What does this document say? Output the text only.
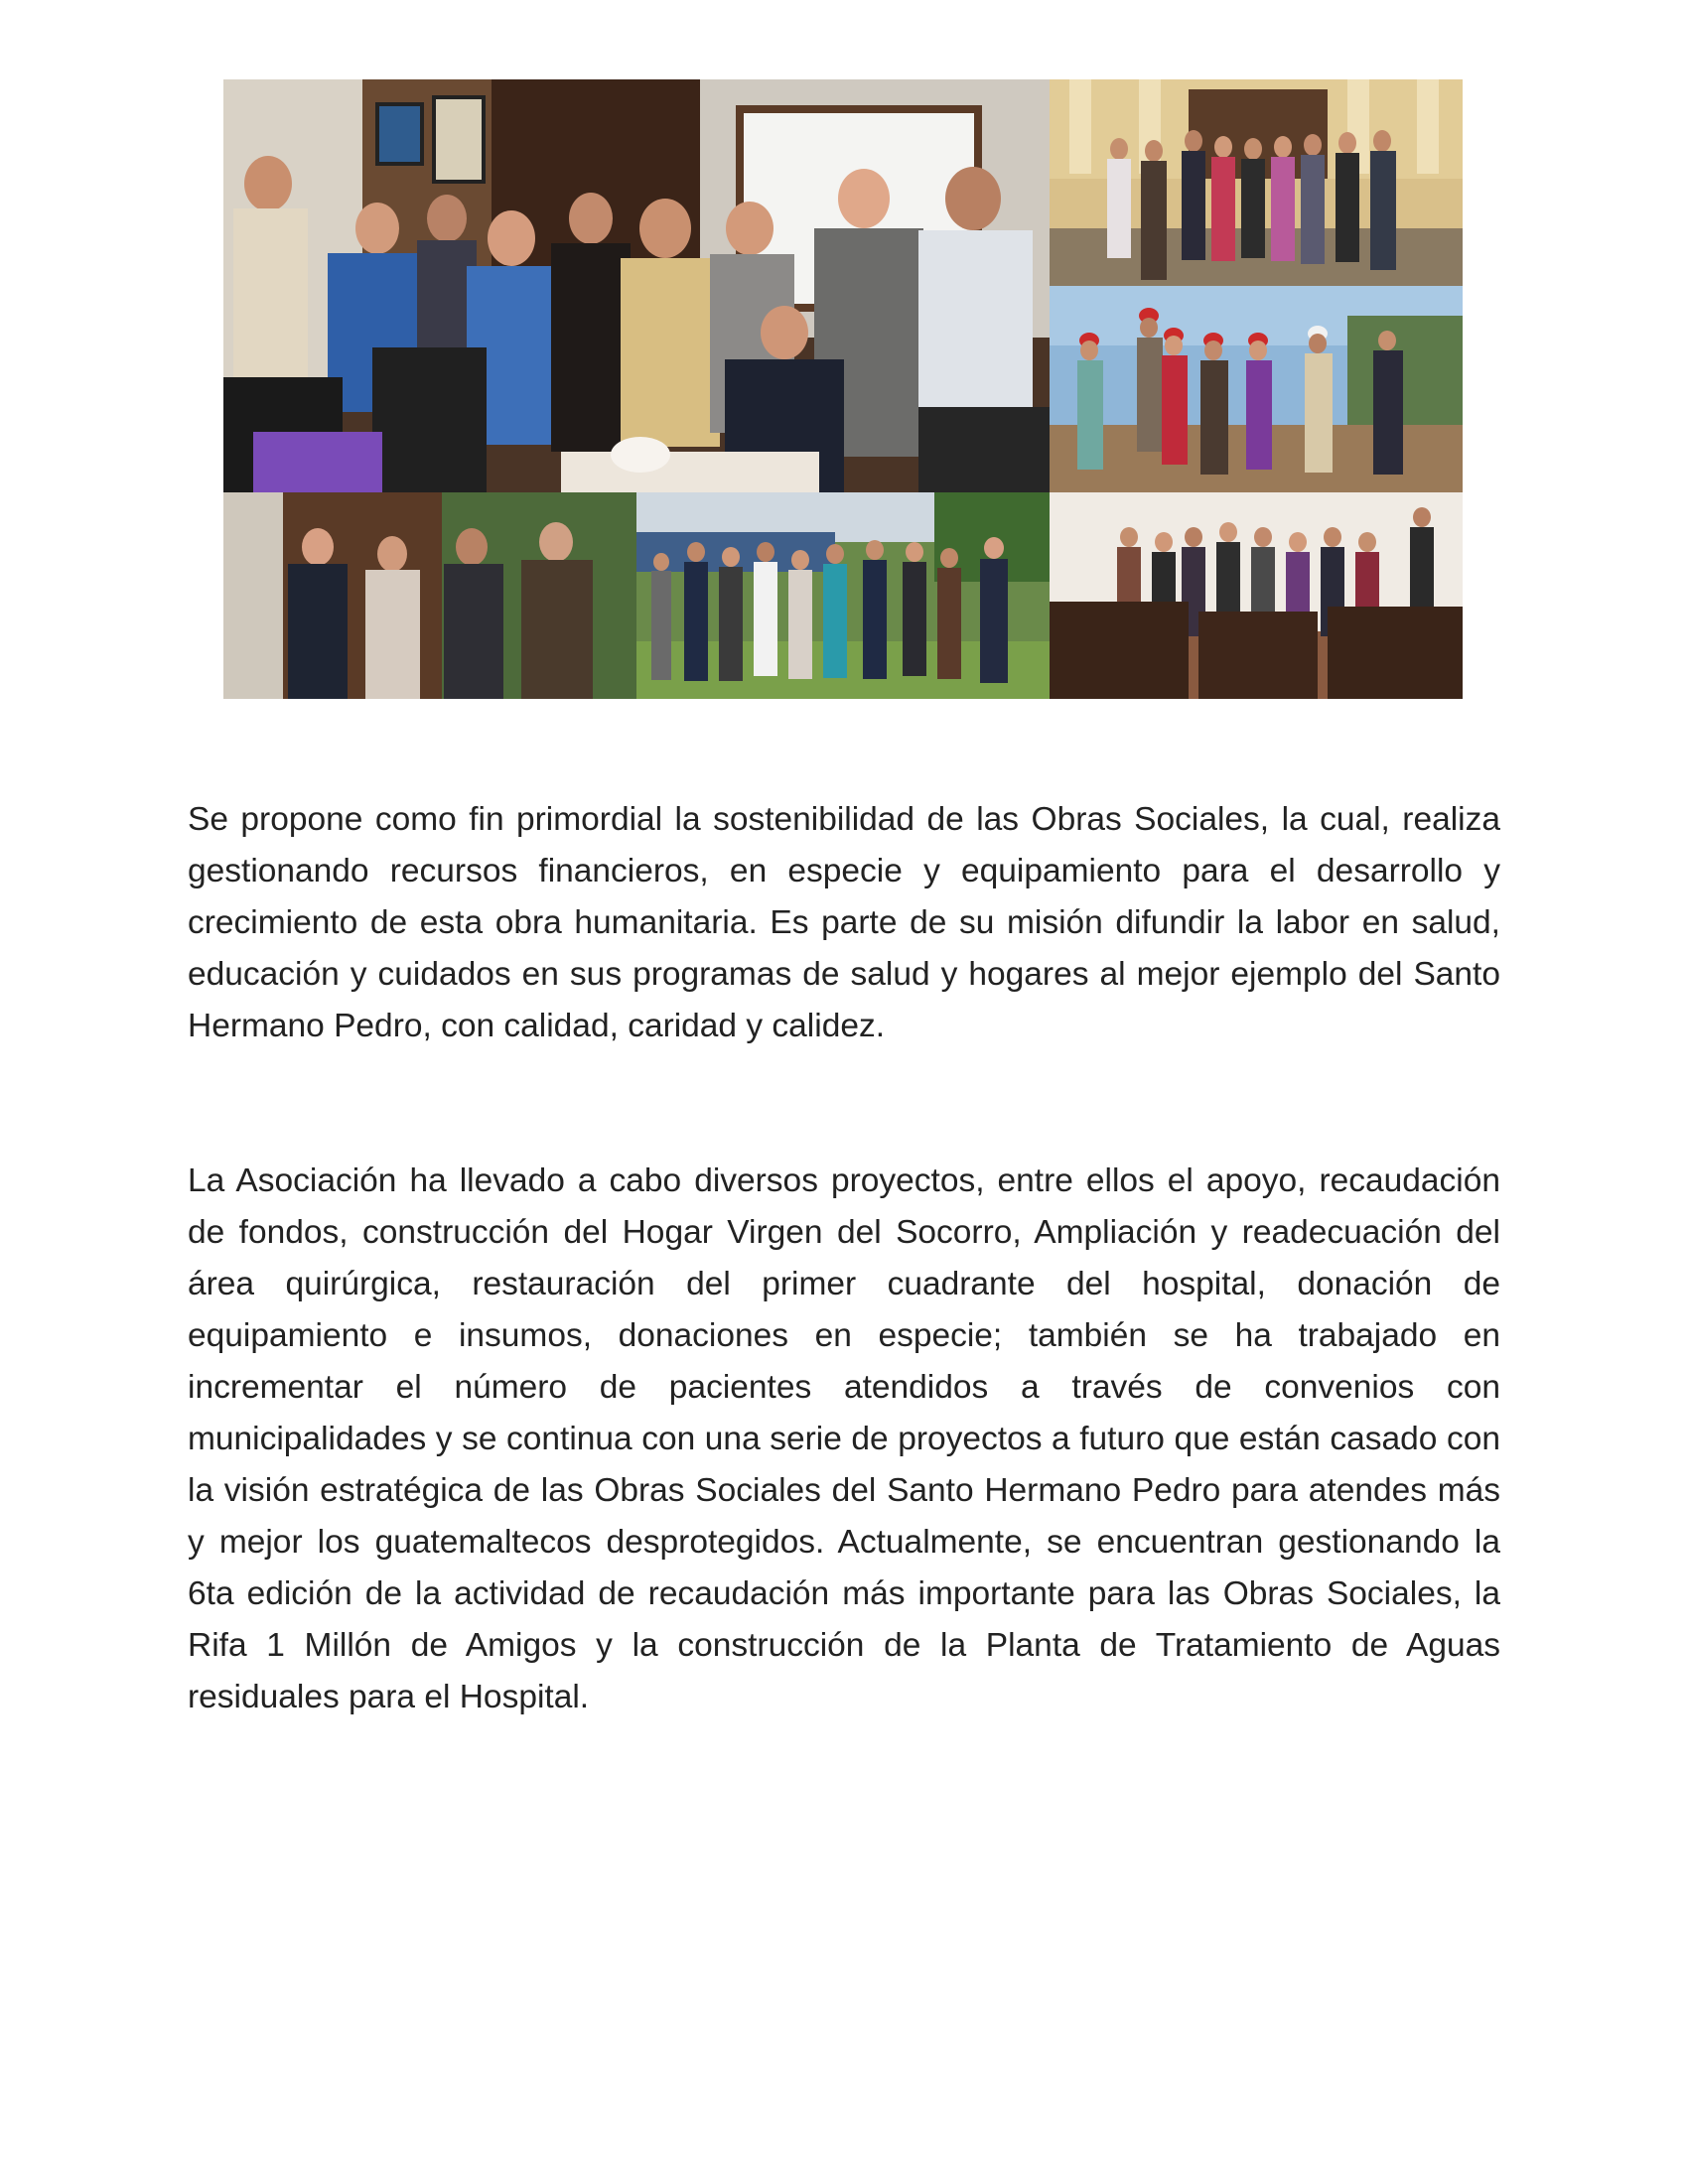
Se propone como fin primordial la sostenibilidad de las Obras Sociales, la cual, realiza gestionando recursos financieros, en especie y equipamiento para el desarrollo y crecimiento de esta obra humanitaria. Es parte de su misión difundir la labor en salud, educación y cuidados en sus programas de salud y hogares al mejor ejemplo del Santo Hermano Pedro, con calidad, caridad y calidez.

La Asociación ha llevado a cabo diversos proyectos, entre ellos el apoyo, recaudación de fondos, construcción del Hogar Virgen del Socorro, Ampliación y readecuación del área quirúrgica, restauración del primer cuadrante del hospital, donación de equipamiento e insumos, donaciones en especie; también se ha trabajado en incrementar el número de pacientes atendidos a través de convenios con municipalidades y se continua con una serie de proyectos a futuro que están casado con la visión estratégica de las Obras Sociales del Santo Hermano Pedro para atendes más y mejor los guatemaltecos desprotegidos. Actualmente, se encuentran gestionando la 6ta edición de la actividad de recaudación más importante para las Obras Sociales, la Rifa 1 Millón de Amigos y la construcción de la Planta de Tratamiento de Aguas residuales para el Hospital.
